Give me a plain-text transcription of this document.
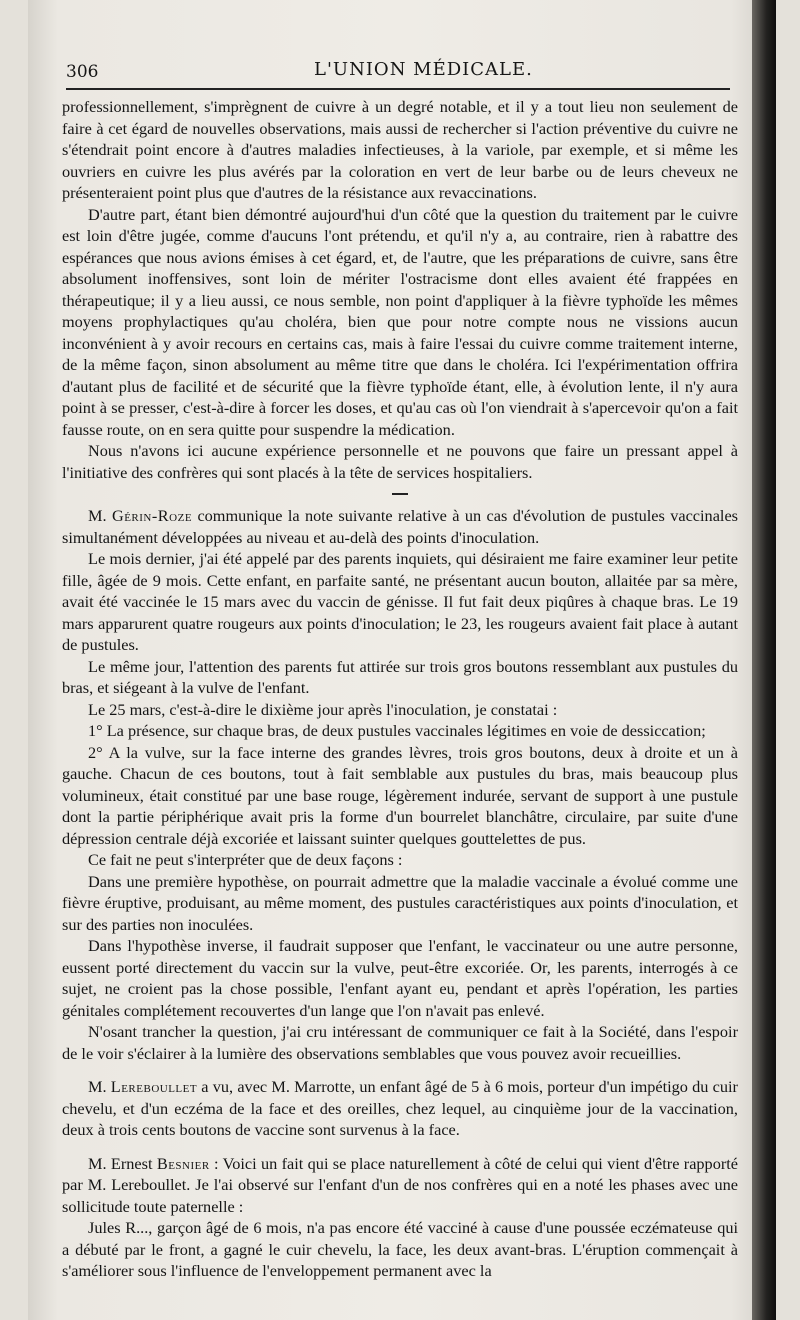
306	L'UNION MÉDICALE.

professionnellement, s'imprègnent de cuivre à un degré notable, et il y a tout lieu non seulement de faire à cet égard de nouvelles observations, mais aussi de rechercher si l'action préventive du cuivre ne s'étendrait point encore à d'autres maladies infectieuses, à la variole, par exemple, et si même les ouvriers en cuivre les plus avérés par la coloration en vert de leur barbe ou de leurs cheveux ne présenteraient point plus que d'autres de la résistance aux revaccinations.

D'autre part, étant bien démontré aujourd'hui d'un côté que la question du traitement par le cuivre est loin d'être jugée, comme d'aucuns l'ont prétendu, et qu'il n'y a, au contraire, rien à rabattre des espérances que nous avions émises à cet égard, et, de l'autre, que les préparations de cuivre, sans être absolument inoffensives, sont loin de mériter l'ostracisme dont elles avaient été frappées en thérapeutique; il y a lieu aussi, ce nous semble, non point d'appliquer à la fièvre typhoïde les mêmes moyens prophylactiques qu'au choléra, bien que pour notre compte nous ne vissions aucun inconvénient à y avoir recours en certains cas, mais à faire l'essai du cuivre comme traitement interne, de la même façon, sinon absolument au même titre que dans le choléra. Ici l'expérimentation offrira d'autant plus de facilité et de sécurité que la fièvre typhoïde étant, elle, à évolution lente, il n'y aura point à se presser, c'est-à-dire à forcer les doses, et qu'au cas où l'on viendrait à s'apercevoir qu'on a fait fausse route, on en sera quitte pour suspendre la médication.

Nous n'avons ici aucune expérience personnelle et ne pouvons que faire un pressant appel à l'initiative des confrères qui sont placés à la tête de services hospitaliers.

M. Gérin-Roze communique la note suivante relative à un cas d'évolution de pustules vaccinales simultanément développées au niveau et au-delà des points d'inoculation.

Le mois dernier, j'ai été appelé par des parents inquiets, qui désiraient me faire examiner leur petite fille, âgée de 9 mois. Cette enfant, en parfaite santé, ne présentant aucun bouton, allaitée par sa mère, avait été vaccinée le 15 mars avec du vaccin de génisse. Il fut fait deux piqûres à chaque bras. Le 19 mars apparurent quatre rougeurs aux points d'inoculation; le 23, les rougeurs avaient fait place à autant de pustules.

Le même jour, l'attention des parents fut attirée sur trois gros boutons ressemblant aux pustules du bras, et siégeant à la vulve de l'enfant.

Le 25 mars, c'est-à-dire le dixième jour après l'inoculation, je constatai :

1° La présence, sur chaque bras, de deux pustules vaccinales légitimes en voie de dessiccation;

2° A la vulve, sur la face interne des grandes lèvres, trois gros boutons, deux à droite et un à gauche. Chacun de ces boutons, tout à fait semblable aux pustules du bras, mais beaucoup plus volumineux, était constitué par une base rouge, légèrement indurée, servant de support à une pustule dont la partie périphérique avait pris la forme d'un bourrelet blanchâtre, circulaire, par suite d'une dépression centrale déjà excoriée et laissant suinter quelques gouttelettes de pus.

Ce fait ne peut s'interpréter que de deux façons :

Dans une première hypothèse, on pourrait admettre que la maladie vaccinale a évolué comme une fièvre éruptive, produisant, au même moment, des pustules caractéristiques aux points d'inoculation, et sur des parties non inoculées.

Dans l'hypothèse inverse, il faudrait supposer que l'enfant, le vaccinateur ou une autre personne, eussent porté directement du vaccin sur la vulve, peut-être excoriée. Or, les parents, interrogés à ce sujet, ne croient pas la chose possible, l'enfant ayant eu, pendant et après l'opération, les parties génitales complétement recouvertes d'un lange que l'on n'avait pas enlevé.

N'osant trancher la question, j'ai cru intéressant de communiquer ce fait à la Société, dans l'espoir de le voir s'éclairer à la lumière des observations semblables que vous pouvez avoir recueillies.

M. Lereboullet a vu, avec M. Marrotte, un enfant âgé de 5 à 6 mois, porteur d'un impétigo du cuir chevelu, et d'un eczéma de la face et des oreilles, chez lequel, au cinquième jour de la vaccination, deux à trois cents boutons de vaccine sont survenus à la face.

M. Ernest Besnier : Voici un fait qui se place naturellement à côté de celui qui vient d'être rapporté par M. Lereboullet. Je l'ai observé sur l'enfant d'un de nos confrères qui en a noté les phases avec une sollicitude toute paternelle :

Jules R..., garçon âgé de 6 mois, n'a pas encore été vacciné à cause d'une poussée eczémateuse qui a débuté par le front, a gagné le cuir chevelu, la face, les deux avant-bras. L'éruption commençait à s'améliorer sous l'influence de l'enveloppement permanent avec la
